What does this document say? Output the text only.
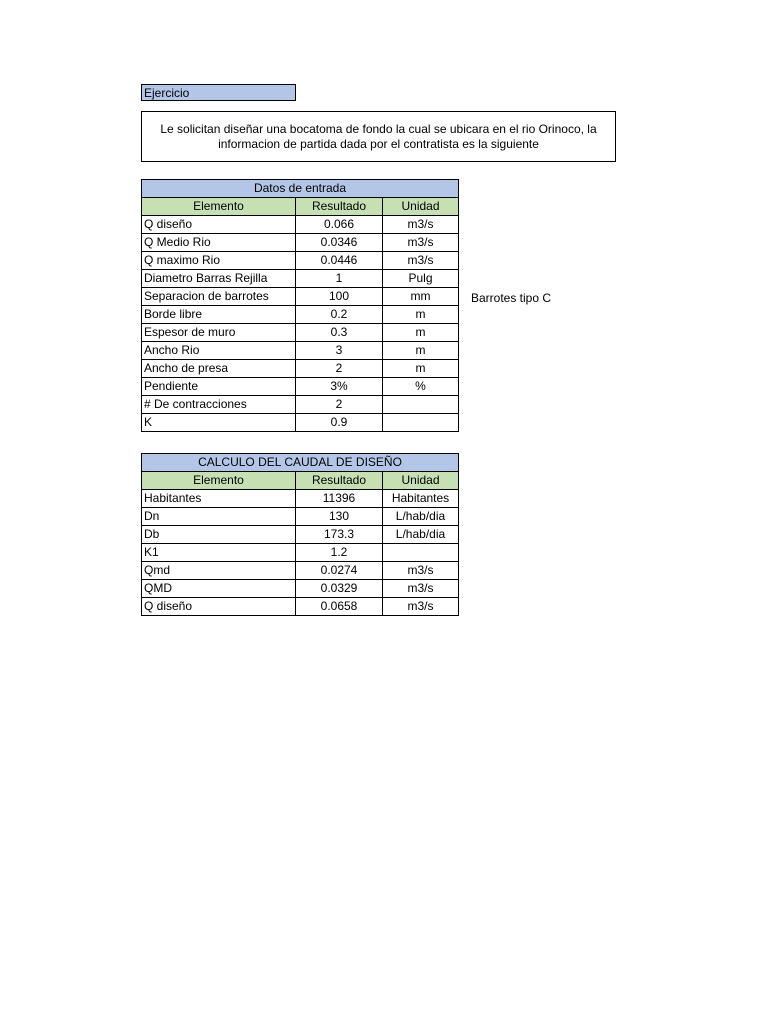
Ejercicio
Le solicitan diseñar una bocatoma de fondo la cual se ubicara en el rio Orinoco, la informacion de partida dada por el contratista es la siguiente
Datos de entrada		
Elemento	Resultado	Unidad
Q diseño	0.066	m3/s
Q Medio Rio	0.0346	m3/s
Q maximo Rio	0.0446	m3/s
Diametro Barras Rejilla	1	Pulg
Separacion de barrotes	100	mm
Borde libre	0.2	m
Espesor de muro	0.3	m
Ancho Rio	3	m
Ancho de presa	2	m
Pendiente	3%	%
# De contracciones	2	
K	0.9	
Barrotes tipo C
CALCULO DEL CAUDAL DE DISEÑO		
Elemento	Resultado	Unidad
Habitantes	11396	Habitantes
Dn	130	L/hab/dia
Db	173.3	L/hab/dia
K1	1.2	
Qmd	0.0274	m3/s
QMD	0.0329	m3/s
Q diseño	0.0658	m3/s
